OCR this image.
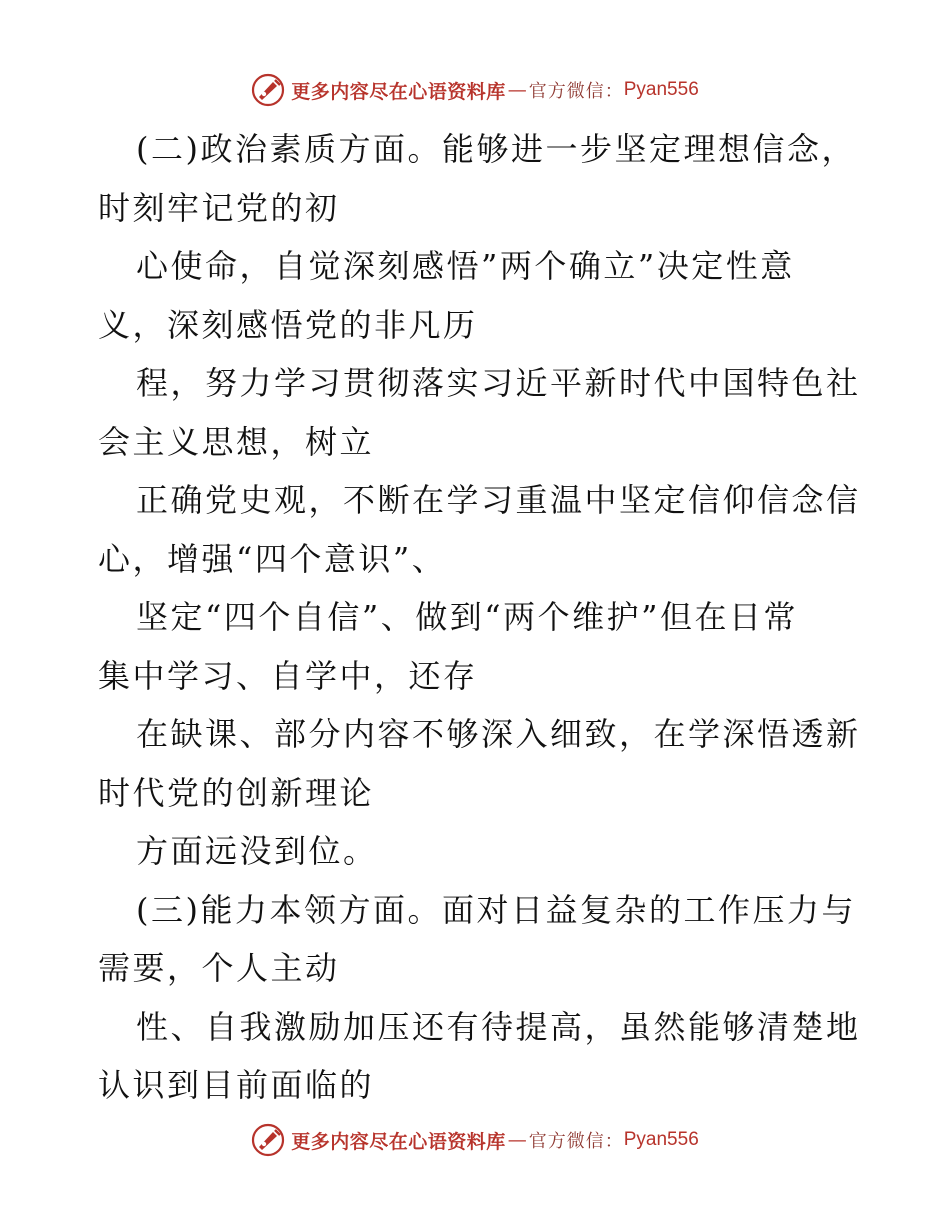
更多内容尽在心语资料库 — 官方微信： Pyan556
(二)政治素质方面。能够进一步坚定理想信念，
时刻牢记党的初
心使命，自觉深刻感悟”两个确立”决定性意
义，深刻感悟党的非凡历
程，努力学习贯彻落实习近平新时代中国特色社
会主义思想，树立
正确党史观，不断在学习重温中坚定信仰信念信
心，增强“四个意识”、
坚定“四个自信”、做到“两个维护”但在日常
集中学习、自学中，还存
在缺课、部分内容不够深入细致，在学深悟透新
时代党的创新理论
方面远没到位。
(三)能力本领方面。面对日益复杂的工作压力与
需要，个人主动
性、自我激励加压还有待提高，虽然能够清楚地
认识到目前面临的
更多内容尽在心语资料库 — 官方微信： Pyan556
